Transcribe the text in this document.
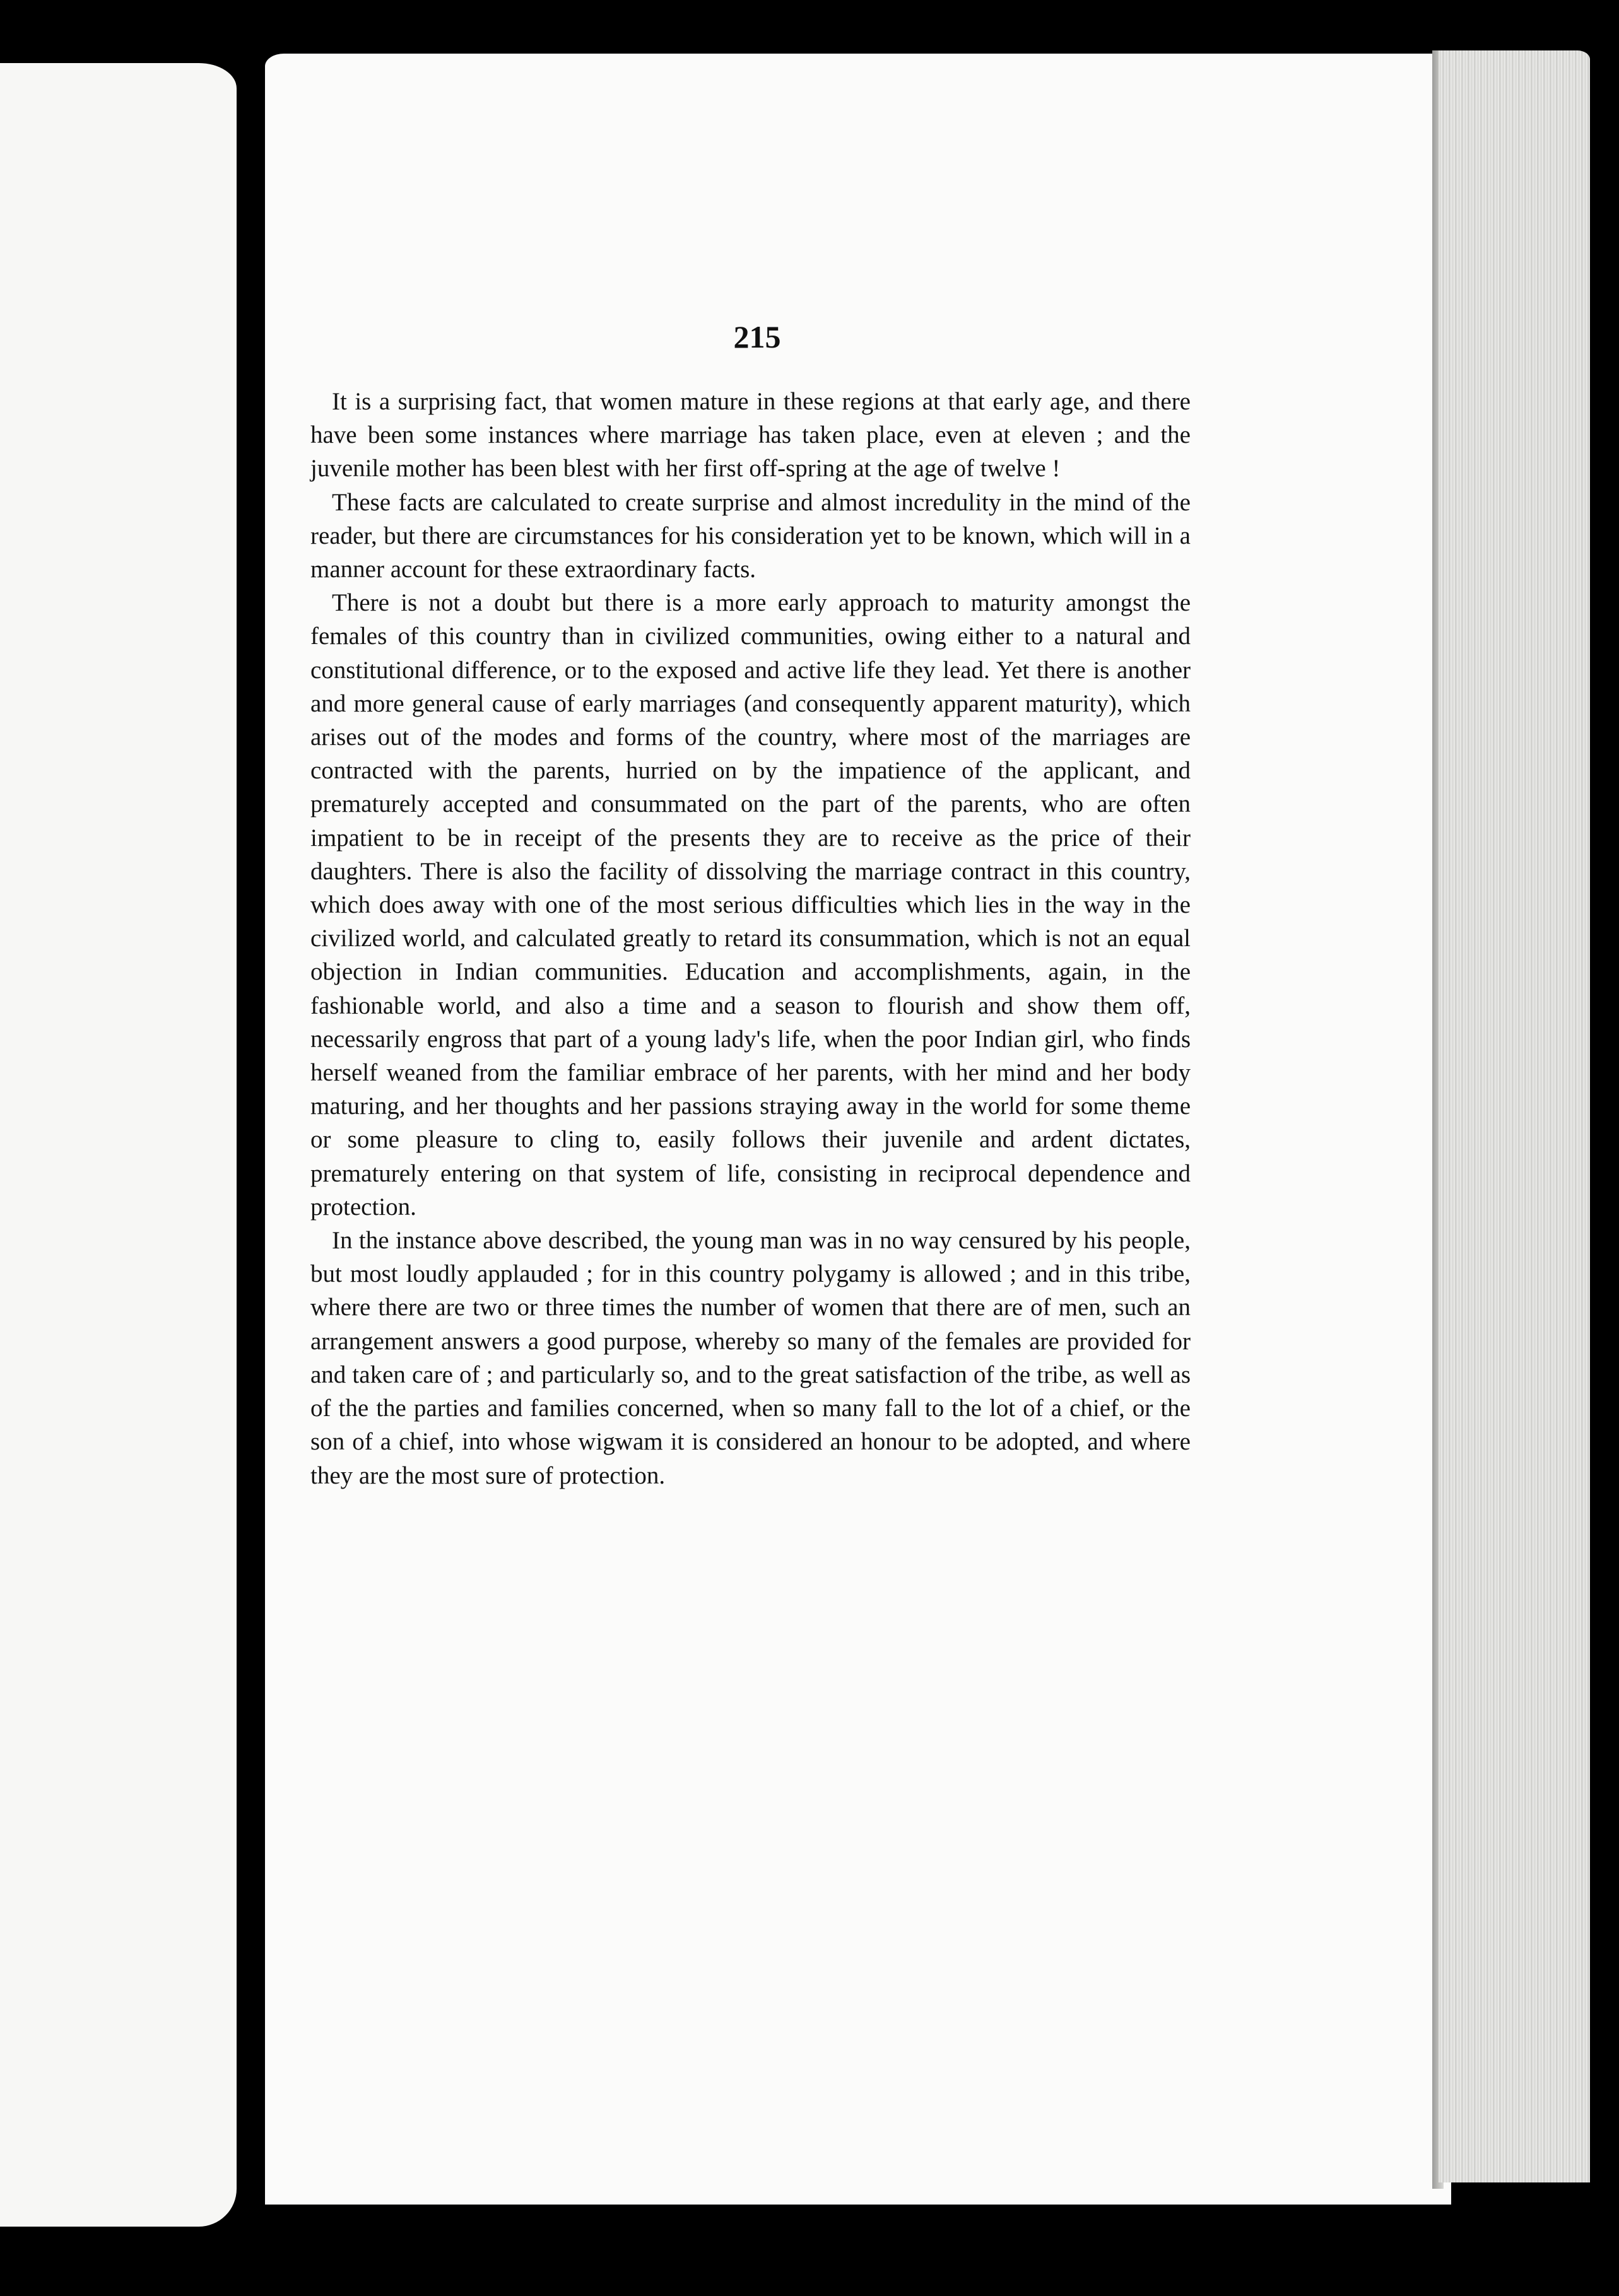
215

It is a surprising fact, that women mature in these regions at that early age, and there have been some instances where marriage has taken place, even at eleven ; and the juvenile mother has been blest with her first off-spring at the age of twelve !

These facts are calculated to create surprise and almost incredulity in the mind of the reader, but there are circumstances for his consideration yet to be known, which will in a manner account for these extraordinary facts.

There is not a doubt but there is a more early approach to maturity amongst the females of this country than in civilized communities, owing either to a natural and constitutional difference, or to the exposed and active life they lead. Yet there is another and more general cause of early marriages (and consequently apparent maturity), which arises out of the modes and forms of the country, where most of the marriages are contracted with the parents, hurried on by the impatience of the applicant, and prematurely accepted and consummated on the part of the parents, who are often impatient to be in receipt of the presents they are to receive as the price of their daughters. There is also the facility of dissolving the marriage contract in this country, which does away with one of the most serious difficulties which lies in the way in the civilized world, and calculated greatly to retard its consummation, which is not an equal objection in Indian communities. Education and accomplishments, again, in the fashionable world, and also a time and a season to flourish and show them off, necessarily engross that part of a young lady's life, when the poor Indian girl, who finds herself weaned from the familiar embrace of her parents, with her mind and her body maturing, and her thoughts and her passions straying away in the world for some theme or some pleasure to cling to, easily follows their juvenile and ardent dictates, prematurely entering on that system of life, consisting in reciprocal dependence and protection.

In the instance above described, the young man was in no way censured by his people, but most loudly applauded ; for in this country polygamy is allowed ; and in this tribe, where there are two or three times the number of women that there are of men, such an arrangement answers a good purpose, whereby so many of the females are provided for and taken care of ; and particularly so, and to the great satisfaction of the tribe, as well as of the the parties and families concerned, when so many fall to the lot of a chief, or the son of a chief, into whose wigwam it is considered an honour to be adopted, and where they are the most sure of protection.
